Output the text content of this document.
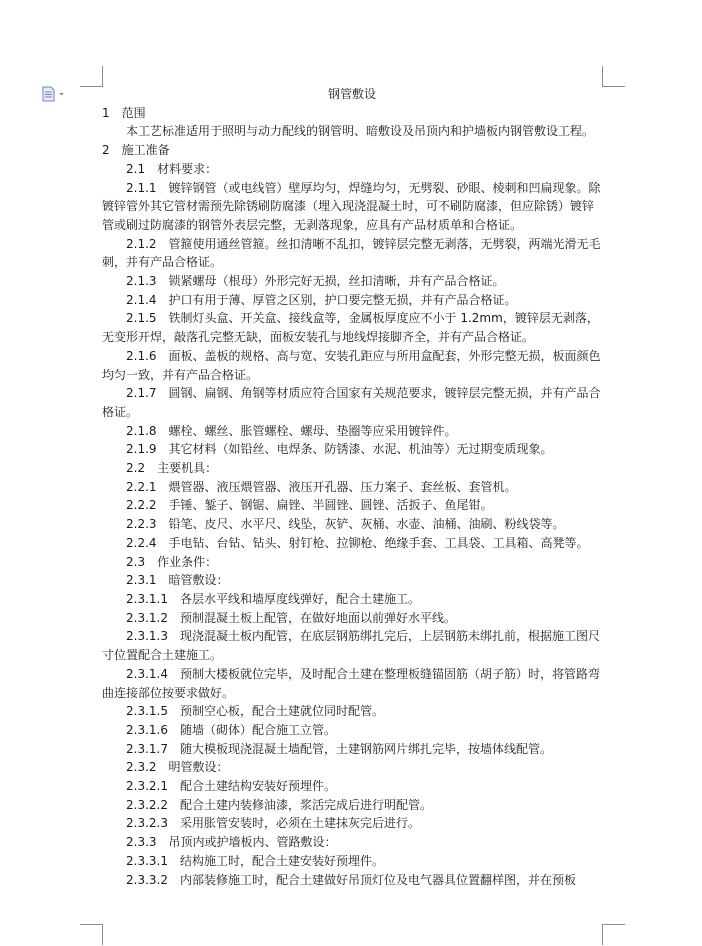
钢管敷设

1　范围

本工艺标准适用于照明与动力配线的钢管明、暗敷设及吊顶内和护墙板内钢管敷设工程。

2　施工准备

2.1　材料要求：

2.1.1　镀锌钢管（或电线管）壁厚均匀，焊缝均匀，无劈裂、砂眼、棱刺和凹扁现象。除镀锌管外其它管材需预先除锈刷防腐漆（埋入现浇混凝土时，可不刷防腐漆，但应除锈）镀锌管或刷过防腐漆的钢管外表层完整，无剥落现象，应具有产品材质单和合格证。

2.1.2　管箍使用通丝管箍。丝扣清晰不乱扣，镀锌层完整无剥落，无劈裂，两端光滑无毛刺，并有产品合格证。

2.1.3　锁紧螺母（根母）外形完好无损，丝扣清晰，并有产品合格证。

2.1.4　护口有用于薄、厚管之区别，护口要完整无损，并有产品合格证。

2.1.5　铁制灯头盒、开关盒、接线盒等，金属板厚度应不小于 1.2mm，镀锌层无剥落，无变形开焊，敲落孔完整无缺，面板安装孔与地线焊接脚齐全，并有产品合格证。

2.1.6　面板、盖板的规格、高与宽、安装孔距应与所用盒配套，外形完整无损，板面颜色均匀一致，并有产品合格证。

2.1.7　圆钢、扁钢、角钢等材质应符合国家有关规范要求，镀锌层完整无损，并有产品合格证。

2.1.8　螺栓、螺丝、胀管螺栓、螺母、垫圈等应采用镀锌件。

2.1.9　其它材料（如铅丝、电焊条、防锈漆、水泥、机油等）无过期变质现象。

2.2　主要机具：

2.2.1　煨管器、液压煨管器、液压开孔器、压力案子、套丝板、套管机。

2.2.2　手锤、錾子、钢锯、扁锉、半圆锉、圆锉、活扳子、鱼尾钳。

2.2.3　铅笔、皮尺、水平尺、线坠，灰铲、灰桶、水壶、油桶、油刷、粉线袋等。

2.2.4　手电钻、台钻、钻头、射钉枪、拉铆枪、绝缘手套、工具袋、工具箱、高凳等。

2.3　作业条件：

2.3.1　暗管敷设：

2.3.1.1　各层水平线和墙厚度线弹好，配合土建施工。

2.3.1.2　预制混凝土板上配管，在做好地面以前弹好水平线。

2.3.1.3　现浇混凝土板内配管，在底层钢筋绑扎完后，上层钢筋未绑扎前，根据施工图尺寸位置配合土建施工。

2.3.1.4　预制大楼板就位完毕，及时配合土建在整理板缝锚固筋（胡子筋）时，将管路弯曲连接部位按要求做好。

2.3.1.5　预制空心板，配合土建就位同时配管。

2.3.1.6　随墙（砌体）配合施工立管。

2.3.1.7　随大模板现浇混凝土墙配管，土建钢筋网片绑扎完毕，按墙体线配管。

2.3.2　明管敷设：

2.3.2.1　配合土建结构安装好预埋件。

2.3.2.2　配合土建内装修油漆，浆活完成后进行明配管。

2.3.2.3　采用胀管安装时，必须在土建抹灰完后进行。

2.3.3　吊顶内或护墙板内、管路敷设：

2.3.3.1　结构施工时，配合土建安装好预埋件。

2.3.3.2　内部装修施工时，配合土建做好吊顶灯位及电气器具位置翻样图，并在预板
